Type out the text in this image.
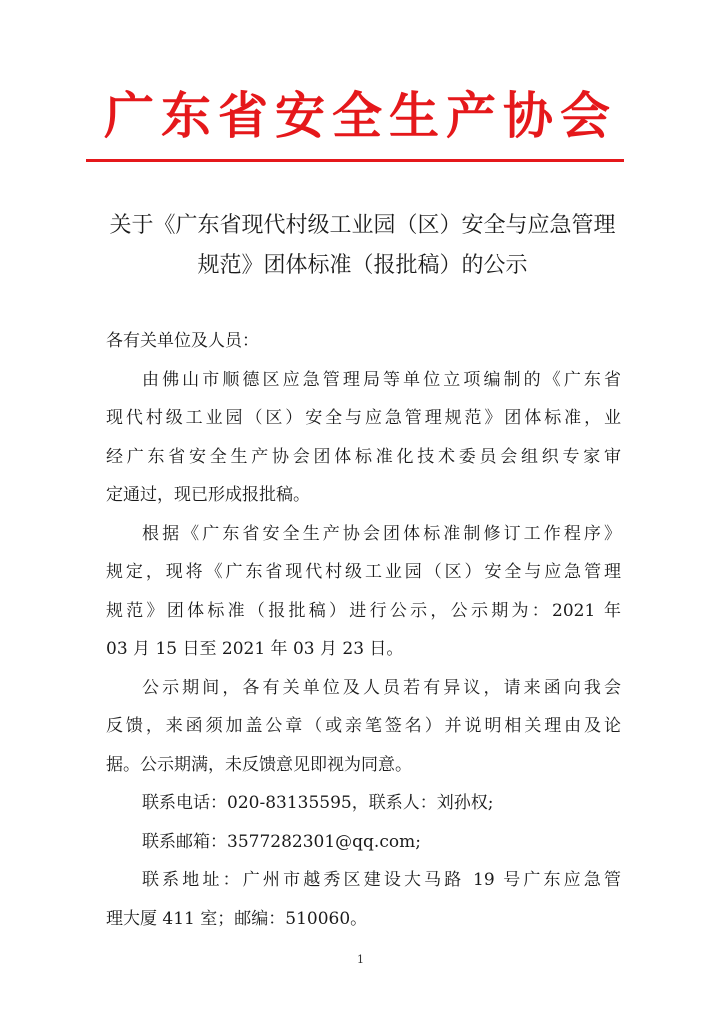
广东省安全生产协会
关于《广东省现代村级工业园（区）安全与应急管理
规范》团体标准（报批稿）的公示
各有关单位及人员：
由佛山市顺德区应急管理局等单位立项编制的《广东省
现代村级工业园（区）安全与应急管理规范》团体标准，业
经广东省安全生产协会团体标准化技术委员会组织专家审
定通过，现已形成报批稿。
根据《广东省安全生产协会团体标准制修订工作程序》
规定，现将《广东省现代村级工业园（区）安全与应急管理
规范》团体标准（报批稿）进行公示，公示期为：2021 年
03 月 15 日至 2021 年 03 月 23 日。
公示期间，各有关单位及人员若有异议，请来函向我会
反馈，来函须加盖公章（或亲笔签名）并说明相关理由及论
据。公示期满，未反馈意见即视为同意。
联系电话：020-83135595，联系人：刘孙权;
联系邮箱：3577282301@qq.com;
联系地址：广州市越秀区建设大马路 19 号广东应急管
理大厦 411 室；邮编：510060。
1
